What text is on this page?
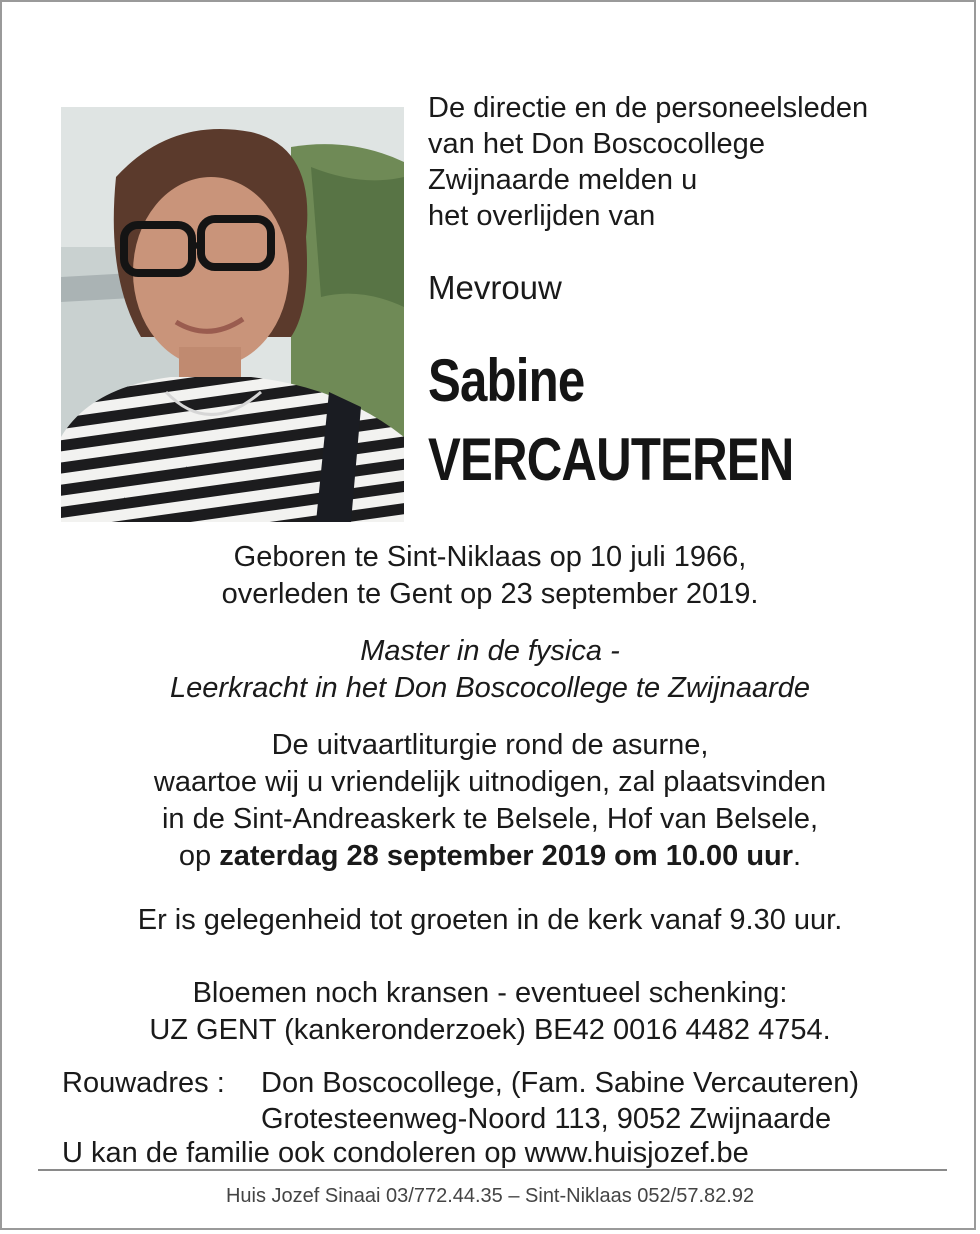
De directie en de personeelsleden
van het Don Boscocollege
Zwijnaarde melden u
het overlijden van
Mevrouw
Sabine
VERCAUTEREN
Geboren te Sint-Niklaas op 10 juli 1966,
overleden te Gent op 23 september 2019.
Master in de fysica -
Leerkracht in het Don Boscocollege te Zwijnaarde
De uitvaartliturgie rond de asurne,
waartoe wij u vriendelijk uitnodigen, zal plaatsvinden
in de Sint-Andreaskerk te Belsele, Hof van Belsele,
op zaterdag 28 september 2019 om 10.00 uur.
Er is gelegenheid tot groeten in de kerk vanaf 9.30 uur.
Bloemen noch kransen - eventueel schenking:
UZ GENT (kankeronderzoek) BE42 0016 4482 4754.
Rouwadres : Don Boscocollege, (Fam. Sabine Vercauteren)
Grotesteenweg-Noord 113, 9052 Zwijnaarde
U kan de familie ook condoleren op www.huisjozef.be
Huis Jozef Sinaai 03/772.44.35 – Sint-Niklaas 052/57.82.92
